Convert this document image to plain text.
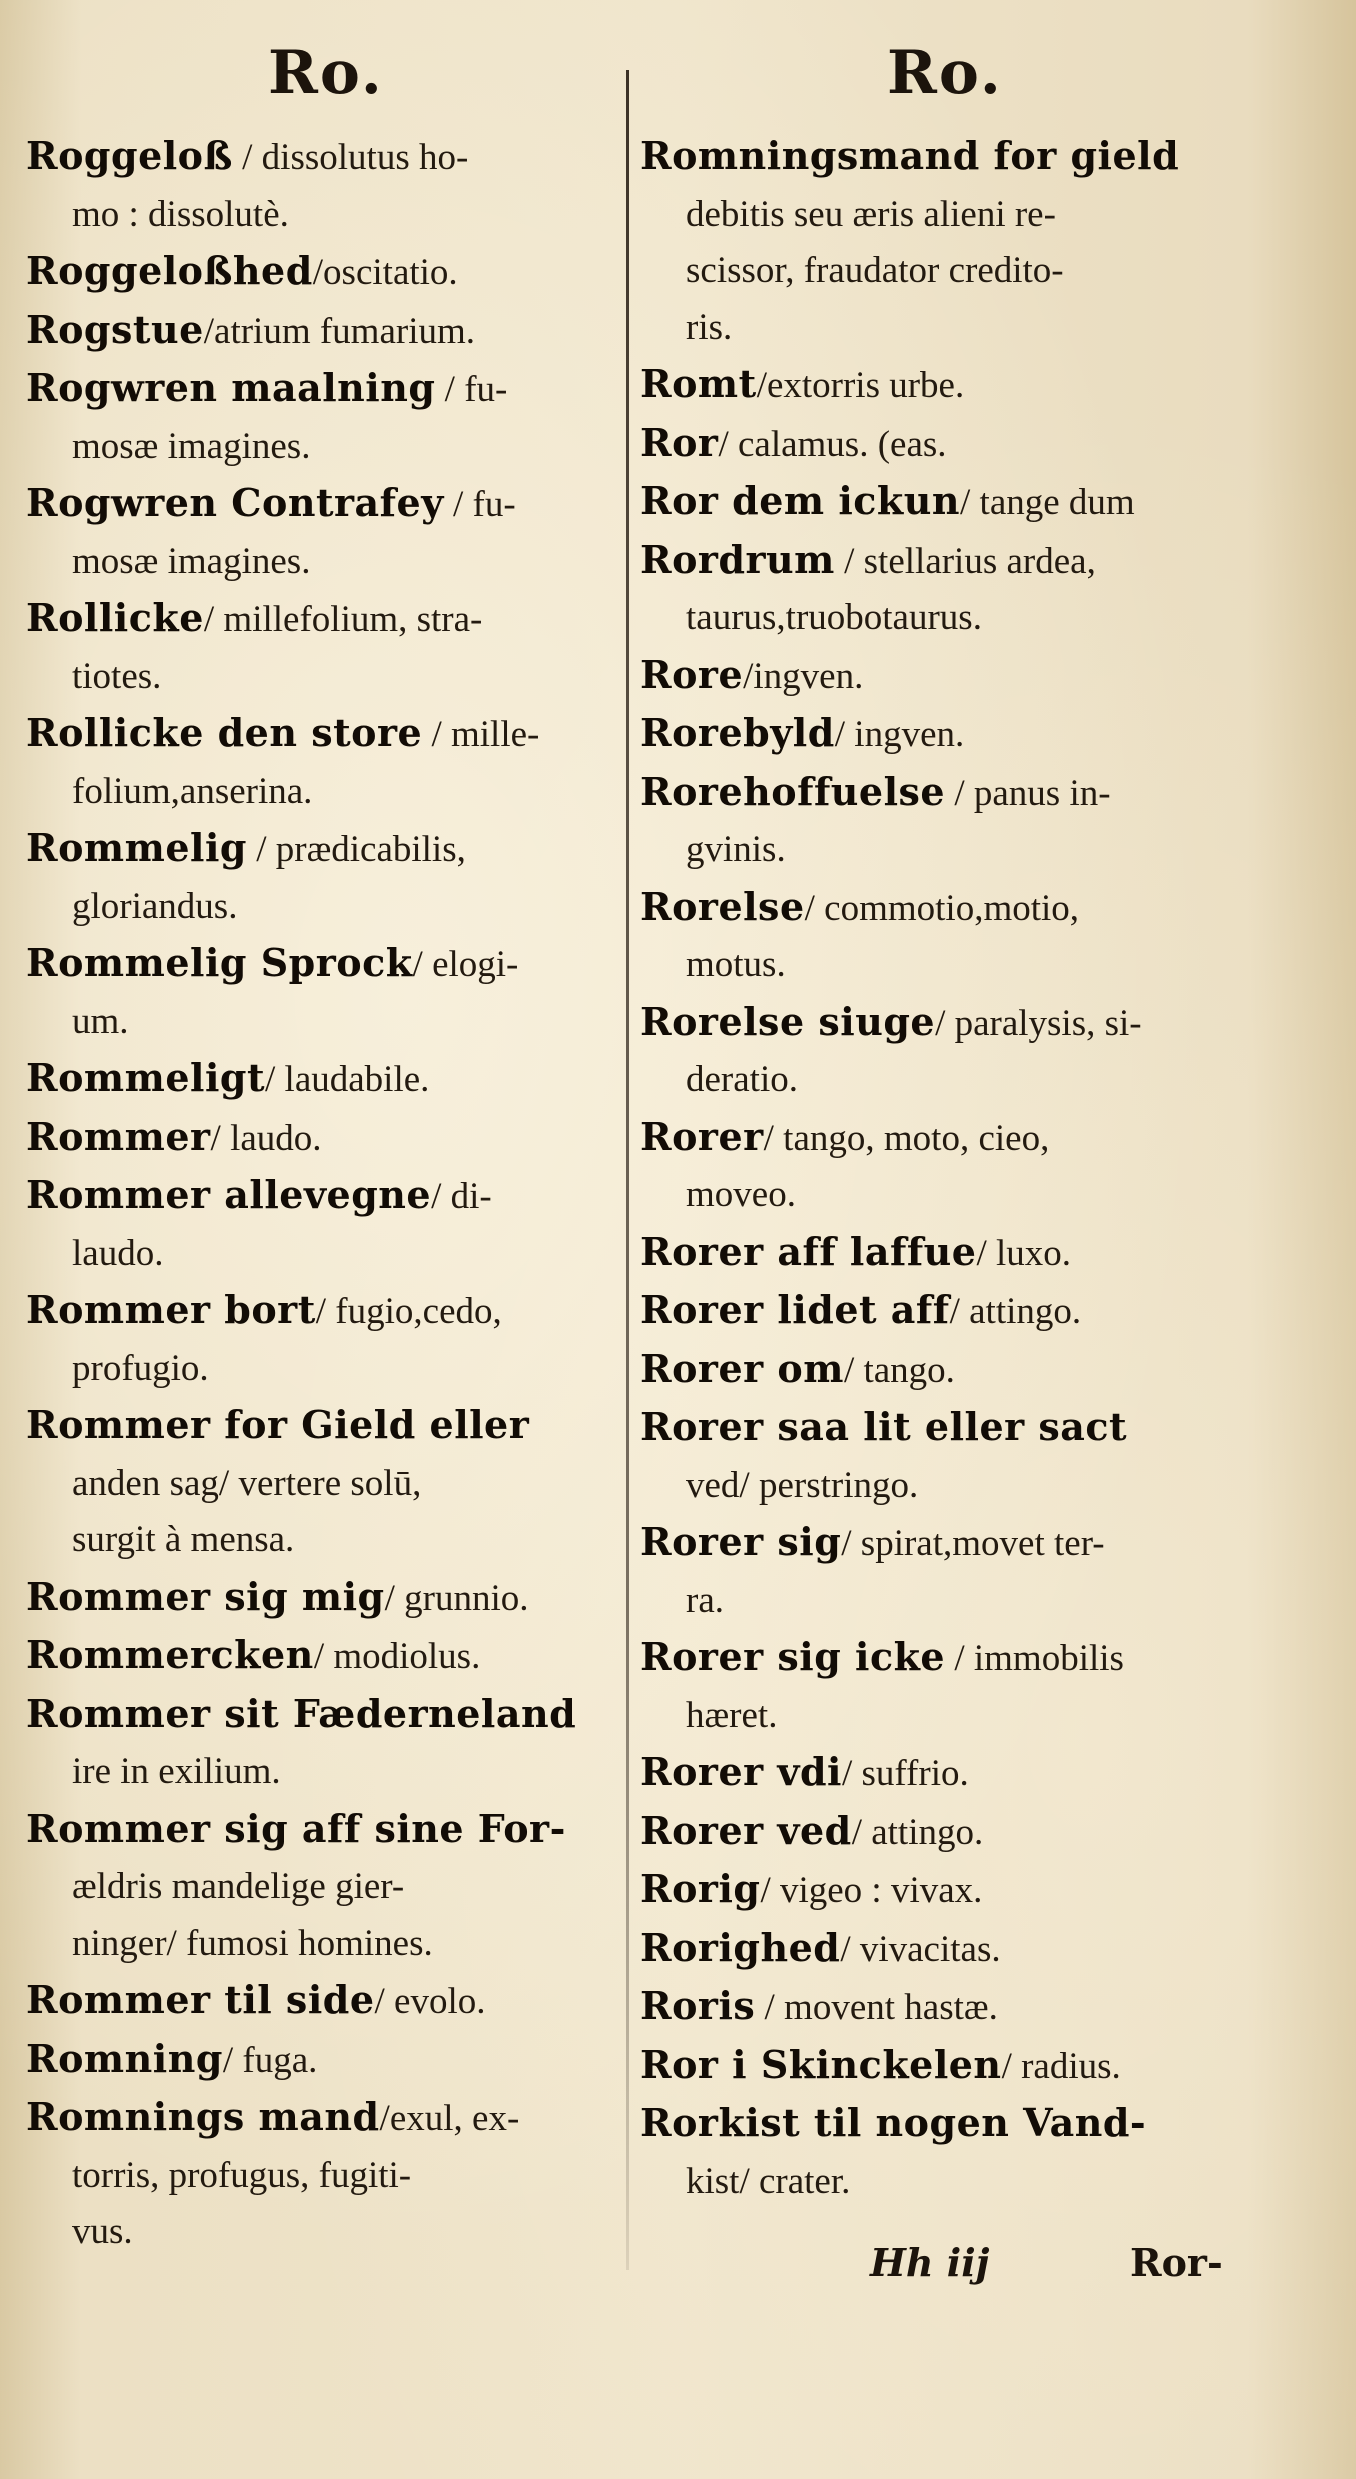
Ro.	Ro.
Roggeloß / dissolutus ho-
mo : dissolutè.
Roggeloßhed/oscitatio.
Rogstue/atrium fumarium.
Rogwren maalning / fu-
mosæ imagines.
Rogwren Contrafey / fu-
mosæ imagines.
Rollicke/ millefolium, stra-
tiotes.
Rollicke den store / mille-
folium,anserina.
Rommelig / prædicabilis,
gloriandus.
Rommelig Sprock/ elogi-
um.
Rommeligt/ laudabile.
Rommer/ laudo.
Rommer allevegne/ di-
laudo.
Rommer bort/ fugio,cedo,
profugio.
Rommer for Gield eller
anden sag/ vertere solū,
surgit à mensa.
Rommer sig mig/ grunnio.
Rommercken/ modiolus.
Rommer sit Fæderneland
ire in exilium.
Rommer sig aff sine For-
ældris mandelige gier-
ninger/ fumosi homines.
Rommer til side/ evolo.
Romning/ fuga.
Romnings mand/exul, ex-
torris, profugus, fugiti-
vus.
Romningsmand for gield
debitis seu æris alieni re-
scissor, fraudator credito-
ris.
Romt/extorris urbe.
Ror/ calamus. (eas.
Ror dem ickun/ tange dum
Rordrum / stellarius ardea,
taurus,truobotaurus.
Rore/ingven.
Rorebyld/ ingven.
Rorehoffuelse / panus in-
gvinis.
Rorelse/ commotio,motio,
motus.
Rorelse siuge/ paralysis, si-
deratio.
Rorer/ tango, moto, cieo,
moveo.
Rorer aff laffue/ luxo.
Rorer lidet aff/ attingo.
Rorer om/ tango.
Rorer saa lit eller sact
ved/ perstringo.
Rorer sig/ spirat,movet ter-
ra.
Rorer sig icke / immobilis
hæret.
Rorer vdi/ suffrio.
Rorer ved/ attingo.
Rorig/ vigeo : vivax.
Rorighed/ vivacitas.
Roris / movent hastæ.
Ror i Skinckelen/ radius.
Rorkist til nogen Vand-
kist/ crater.
Hh iij	Ror-
